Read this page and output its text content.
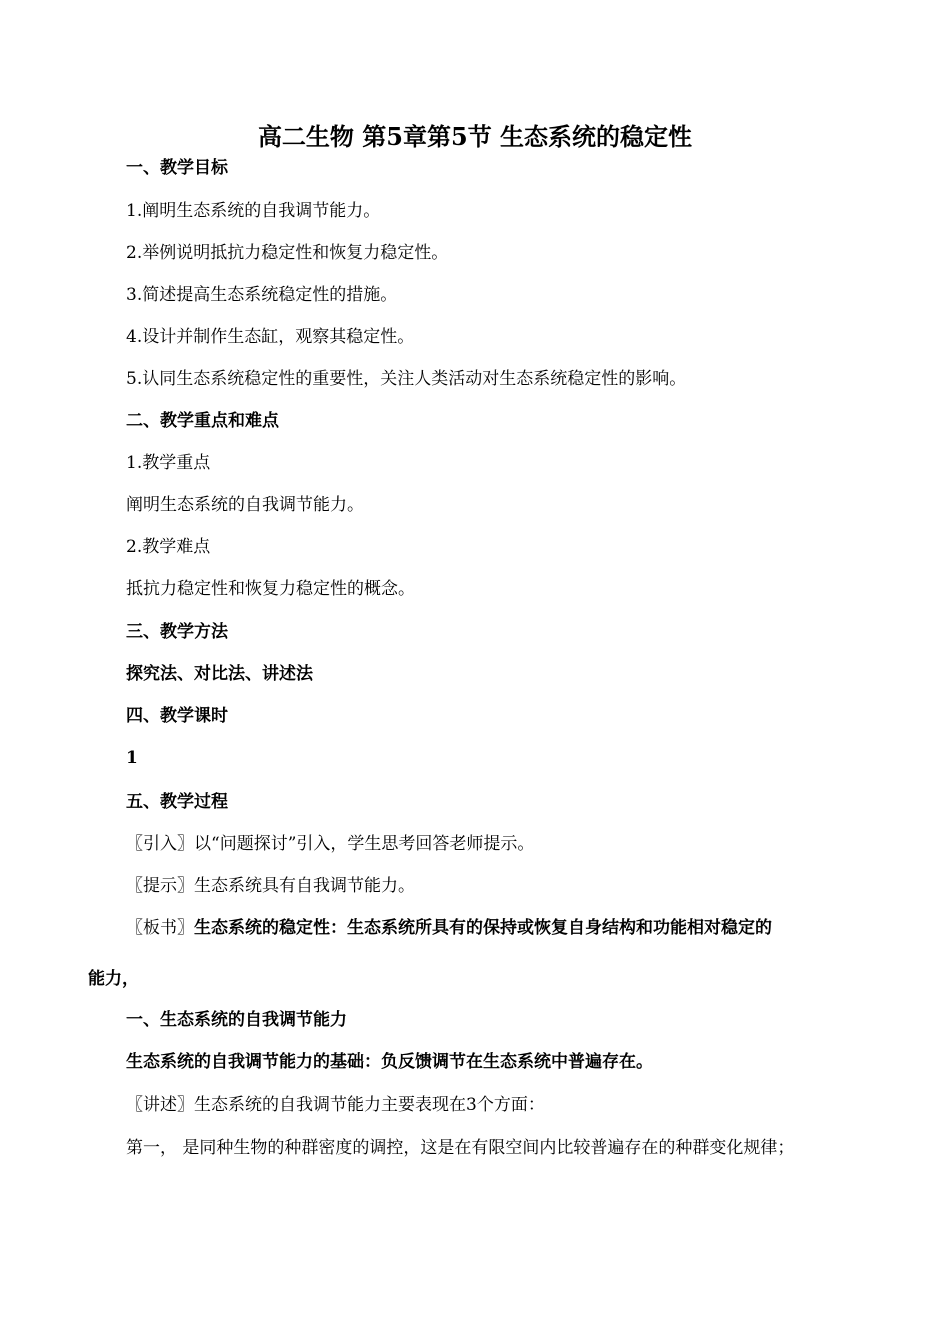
高二生物 第5章第5节 生态系统的稳定性
一、教学目标
1.阐明生态系统的自我调节能力。
2.举例说明抵抗力稳定性和恢复力稳定性。
3.简述提高生态系统稳定性的措施。
4.设计并制作生态缸，观察其稳定性。
5.认同生态系统稳定性的重要性，关注人类活动对生态系统稳定性的影响。
二、教学重点和难点
1.教学重点
阐明生态系统的自我调节能力。
2.教学难点
抵抗力稳定性和恢复力稳定性的概念。
三、教学方法
探究法、对比法、讲述法
四、教学课时
1
五、教学过程
〖引入〗以“问题探讨”引入，学生思考回答老师提示。
〖提示〗生态系统具有自我调节能力。
〖板书〗生态系统的稳定性：生态系统所具有的保持或恢复自身结构和功能相对稳定的
能力，
一、生态系统的自我调节能力
生态系统的自我调节能力的基础：负反馈调节在生态系统中普遍存在。
〖讲述〗生态系统的自我调节能力主要表现在3个方面：
第一， 是同种生物的种群密度的调控，这是在有限空间内比较普遍存在的种群变化规律；
